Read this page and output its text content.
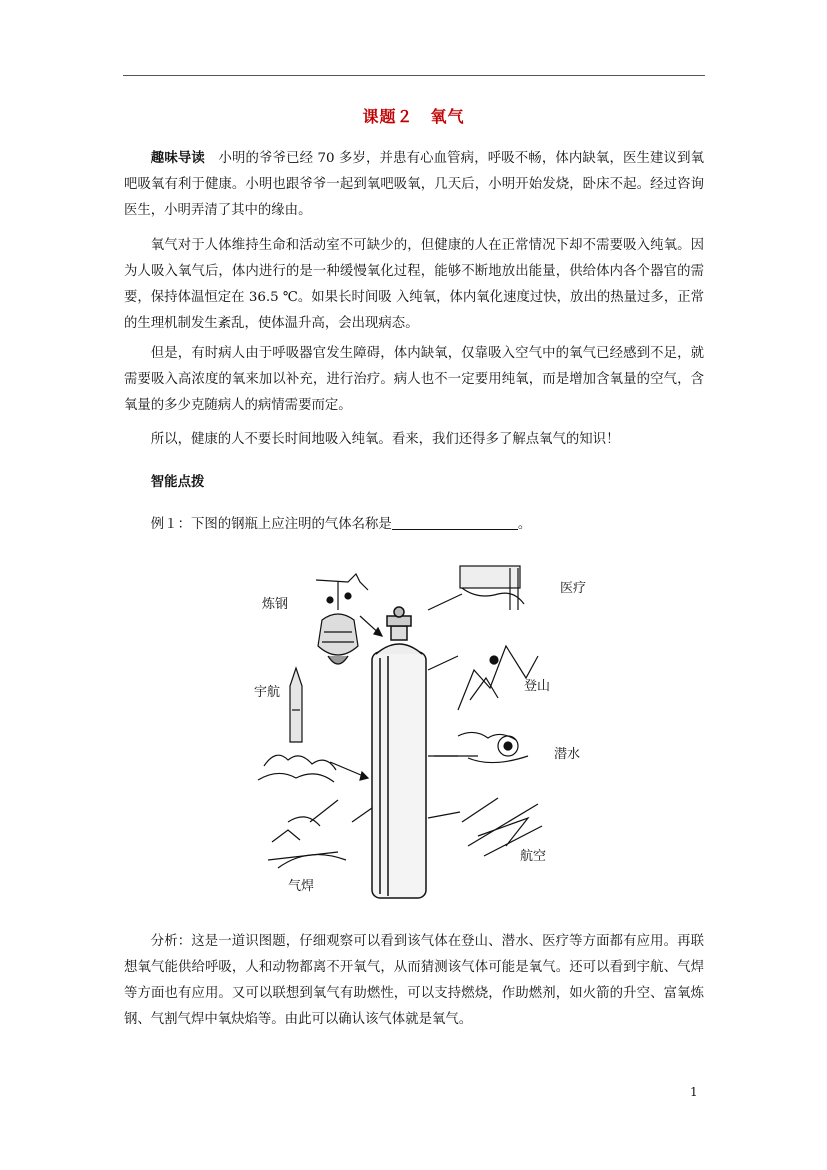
课题２　氧气

趣味导读　 小明的爷爷已经 70 多岁，并患有心血管病，呼吸不畅，体内缺氧，医生建议到氧吧吸氧有利于健康。小明也跟爷爷一起到氧吧吸氧，几天后，小明开始发烧，卧床不起。经过咨询医生，小明弄清了其中的缘由。

氧气对于人体维持生命和活动室不可缺少的，但健康的人在正常情况下却不需要吸入纯氧。因为人吸入氧气后，体内进行的是一种缓慢氧化过程，能够不断地放出能量，供给体内各个器官的需要，保持体温恒定在 36.5 ℃。如果长时间吸 入纯氧，体内氧化速度过快，放出的热量过多，正常的生理机制发生紊乱，使体温升高，会出现病态。

但是，有时病人由于呼吸器官发生障碍，体内缺氧，仅靠吸入空气中的氧气已经感到不足，就需要吸入高浓度的氧来加以补充，进行治疗。病人也不一定要用纯氧，而是增加含氧量的空气，含氧量的多少克随病人的病情需要而定。

所以，健康的人不要长时间地吸入纯氧。看来，我们还得多了解点氧气的知识！

智能点拨

例１：下图的钢瓶上应注明的气体名称是	。

炼钢
医疗
宇航	登山
潜水
航空
气焊

分析：这是一道识图题，仔细观察可以看到该气体在登山、潜水、医疗等方面都有应用。再联想氧气能供给呼吸，人和动物都离不开氧气，从而猜测该气体可能是氧气。还可以看到宇航、气焊等方面也有应用。又可以联想到氧气有助燃性，可以支持燃烧，作助燃剂，如火箭的升空、富氧炼钢、气割气焊中氧炔焰等。由此可以确认该气体就是氧气。

1
